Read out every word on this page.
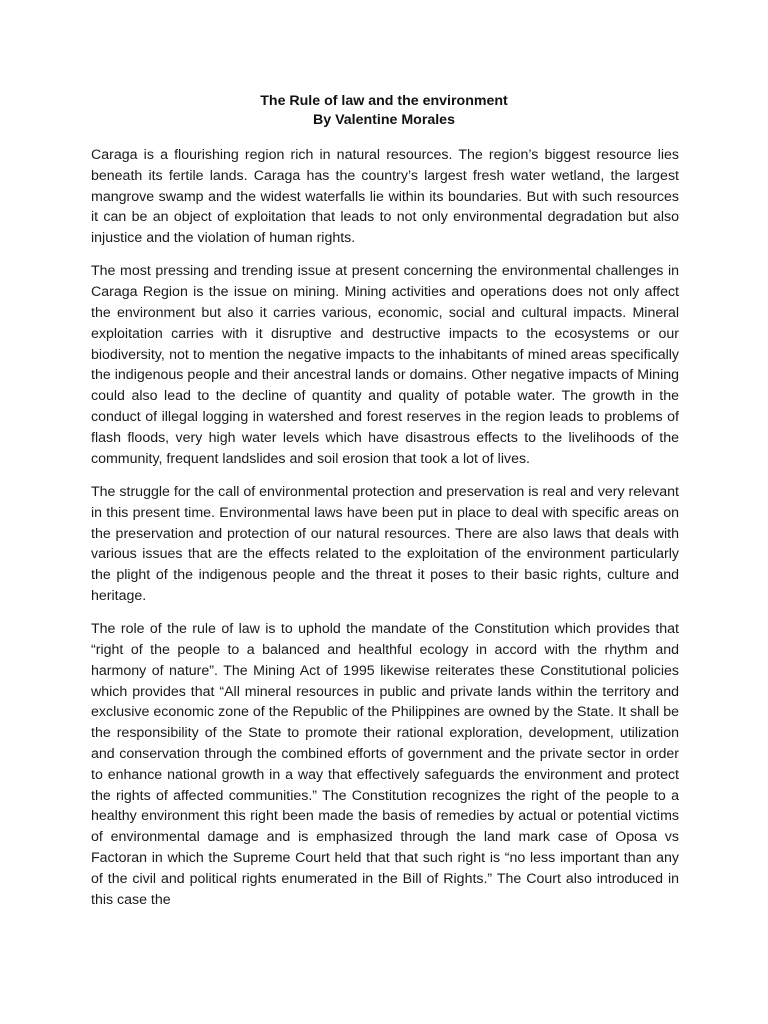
The Rule of law and the environment
By Valentine Morales

Caraga is a flourishing region rich in natural resources. The region’s biggest resource lies beneath its fertile lands. Caraga has the country’s largest fresh water wetland, the largest mangrove swamp and the widest waterfalls lie within its boundaries. But with such resources it can be an object of exploitation that leads to not only environmental degradation but also injustice and the violation of human rights.

The most pressing and trending issue at present concerning the environmental challenges in Caraga Region is the issue on mining. Mining activities and operations does not only affect the environment but also it carries various, economic, social and cultural impacts. Mineral exploitation carries with it disruptive and destructive impacts to the ecosystems or our biodiversity, not to mention the negative impacts to the inhabitants of mined areas specifically the indigenous people and their ancestral lands or domains. Other negative impacts of Mining could also lead to the decline of quantity and quality of potable water. The growth in the conduct of illegal logging in watershed and forest reserves in the region leads to problems of flash floods, very high water levels which have disastrous effects to the livelihoods of the community, frequent landslides and soil erosion that took a lot of lives.

The struggle for the call of environmental protection and preservation is real and very relevant in this present time. Environmental laws have been put in place to deal with specific areas on the preservation and protection of our natural resources. There are also laws that deals with various issues that are the effects related to the exploitation of the environment particularly the plight of the indigenous people and the threat it poses to their basic rights, culture and heritage.

The role of the rule of law is to uphold the mandate of the Constitution which provides that “right of the people to a balanced and healthful ecology in accord with the rhythm and harmony of nature”. The Mining Act of 1995 likewise reiterates these Constitutional policies which provides that “All mineral resources in public and private lands within the territory and exclusive economic zone of the Republic of the Philippines are owned by the State. It shall be the responsibility of the State to promote their rational exploration, development, utilization and conservation through the combined efforts of government and the private sector in order to enhance national growth in a way that effectively safeguards the environment and protect the rights of affected communities.” The Constitution recognizes the right of the people to a healthy environment this right been made the basis of remedies by actual or potential victims of environmental damage and is emphasized through the land mark case of Oposa vs Factoran in which the Supreme Court held that that such right is “no less important than any of the civil and political rights enumerated in the Bill of Rights.” The Court also introduced in this case the
